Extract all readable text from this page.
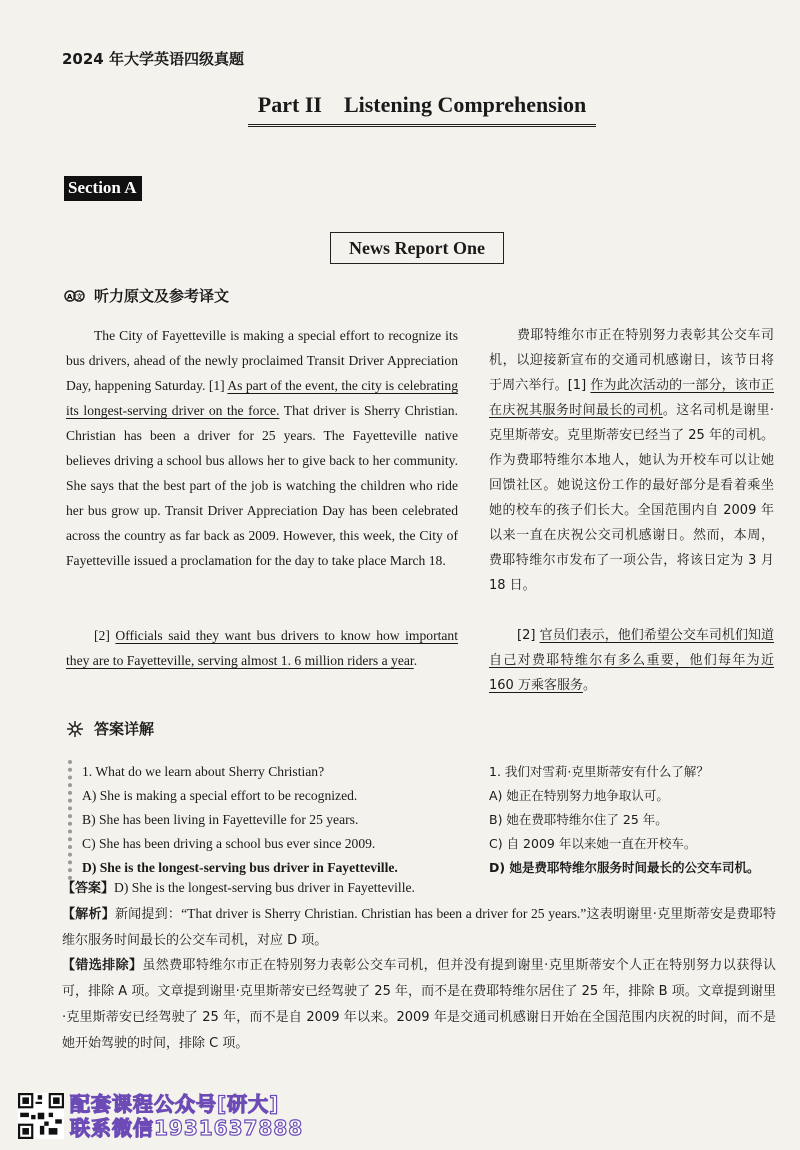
2024 年大学英语四级真题
Part II    Listening Comprehension
Section A
News Report One
A 文 听力原文及参考译文
The City of Fayetteville is making a special effort to recognize its bus drivers, ahead of the newly proclaimed Transit Driver Appreciation Day, happening Saturday. [1] As part of the event, the city is celebrating its longest-serving driver on the force. That driver is Sherry Christian. Christian has been a driver for 25 years. The Fayetteville native believes driving a school bus allows her to give back to her community. She says that the best part of the job is watching the children who ride her bus grow up. Transit Driver Appreciation Day has been celebrated across the country as far back as 2009. However, this week, the City of Fayetteville issued a proclamation for the day to take place March 18.
[2] Officials said they want bus drivers to know how important they are to Fayetteville, serving almost 1. 6 million riders a year.
费耶特维尔市正在特别努力表彰其公交车司机，以迎接新宣布的交通司机感谢日，该节日将于周六举行。[1] 作为此次活动的一部分，该市正在庆祝其服务时间最长的司机。这名司机是谢里·克里斯蒂安。克里斯蒂安已经当了 25 年的司机。作为费耶特维尔本地人，她认为开校车可以让她回馈社区。她说这份工作的最好部分是看着乘坐她的校车的孩子们长大。全国范围内自 2009 年以来一直在庆祝公交司机感谢日。然而，本周，费耶特维尔市发布了一项公告，将该日定为 3 月 18 日。
[2] 官员们表示，他们希望公交车司机们知道自己对费耶特维尔有多么重要，他们每年为近 160 万乘客服务。
答案详解
1. What do we learn about Sherry Christian?
A) She is making a special effort to be recognized.
B) She has been living in Fayetteville for 25 years.
C) She has been driving a school bus ever since 2009.
D) She is the longest-serving bus driver in Fayetteville.
1. 我们对雪莉·克里斯蒂安有什么了解？
A) 她正在特别努力地争取认可。
B) 她在费耶特维尔住了 25 年。
C) 自 2009 年以来她一直在开校车。
D) 她是费耶特维尔服务时间最长的公交车司机。
【答案】D) She is the longest-serving bus driver in Fayetteville.
【解析】新闻提到：“That driver is Sherry Christian. Christian has been a driver for 25 years.”这表明谢里·克里斯蒂安是费耶特维尔服务时间最长的公交车司机，对应 D 项。
【错选排除】虽然费耶特维尔市正在特别努力表彰公交车司机，但并没有提到谢里·克里斯蒂安个人正在特别努力以获得认可，排除 A 项。文章提到谢里·克里斯蒂安已经驾驶了 25 年，而不是在费耶特维尔居住了 25 年，排除 B 项。文章提到谢里·克里斯蒂安已经驾驶了 25 年，而不是自 2009 年以来。2009 年是交通司机感谢日开始在全国范围内庆祝的时间，而不是她开始驾驶的时间，排除 C 项。
配套课程公众号[研大]
联系微信1931637888
